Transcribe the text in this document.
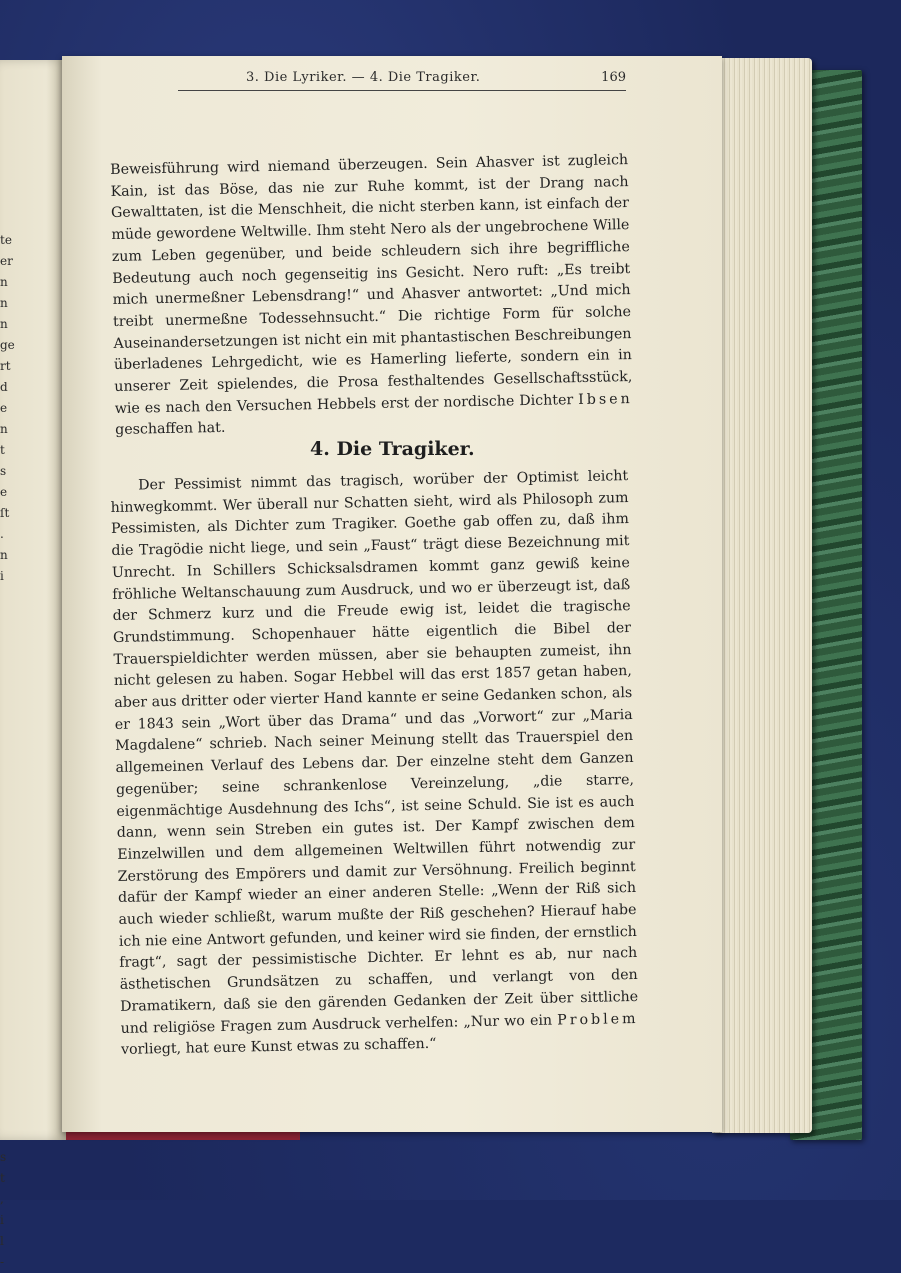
te
er
n
n
n
ge
rt
d
e
n
t
s
e
ſt
.
n
i
s
t
,
i
l
-
3. Die Lyriker. — 4. Die Tragiker.	169

Beweisführung wird niemand überzeugen. Sein Ahasver ist zugleich Kain, ist das Böse, das nie zur Ruhe kommt, ist der Drang nach Gewalttaten, ist die Menschheit, die nicht sterben kann, ist einfach der müde gewordene Weltwille. Ihm steht Nero als der ungebrochene Wille zum Leben gegenüber, und beide schleudern sich ihre begriffliche Bedeutung auch noch gegenseitig ins Gesicht. Nero ruft: „Es treibt mich unermeßner Lebensdrang!“ und Ahasver antwortet: „Und mich treibt unermeßne Todessehnsucht.“ Die richtige Form für solche Auseinandersetzungen ist nicht ein mit phantastischen Beschreibungen überladenes Lehrgedicht, wie es Hamerling lieferte, sondern ein in unserer Zeit spielendes, die Prosa festhaltendes Gesellschaftsstück, wie es nach den Versuchen Hebbels erst der nordische Dichter Ibsen geschaffen hat.

4. Die Tragiker.

Der Pessimist nimmt das tragisch, worüber der Optimist leicht hinwegkommt. Wer überall nur Schatten sieht, wird als Philosoph zum Pessimisten, als Dichter zum Tragiker. Goethe gab offen zu, daß ihm die Tragödie nicht liege, und sein „Faust“ trägt diese Bezeichnung mit Unrecht. In Schillers Schicksalsdramen kommt ganz gewiß keine fröhliche Weltanschauung zum Ausdruck, und wo er überzeugt ist, daß der Schmerz kurz und die Freude ewig ist, leidet die tragische Grundstimmung. Schopenhauer hätte eigentlich die Bibel der Trauerspieldichter werden müssen, aber sie behaupten zumeist, ihn nicht gelesen zu haben. Sogar Hebbel will das erst 1857 getan haben, aber aus dritter oder vierter Hand kannte er seine Gedanken schon, als er 1843 sein „Wort über das Drama“ und das „Vorwort“ zur „Maria Magdalene“ schrieb. Nach seiner Meinung stellt das Trauerspiel den allgemeinen Verlauf des Lebens dar. Der einzelne steht dem Ganzen gegenüber; seine schrankenlose Vereinzelung, „die starre, eigenmächtige Ausdehnung des Ichs“, ist seine Schuld. Sie ist es auch dann, wenn sein Streben ein gutes ist. Der Kampf zwischen dem Einzelwillen und dem allgemeinen Weltwillen führt notwendig zur Zerstörung des Empörers und damit zur Versöhnung. Freilich beginnt dafür der Kampf wieder an einer anderen Stelle: „Wenn der Riß sich auch wieder schließt, warum mußte der Riß geschehen? Hierauf habe ich nie eine Antwort gefunden, und keiner wird sie finden, der ernstlich fragt“, sagt der pessimistische Dichter. Er lehnt es ab, nur nach ästhetischen Grundsätzen zu schaffen, und verlangt von den Dramatikern, daß sie den gärenden Gedanken der Zeit über sittliche und religiöse Fragen zum Ausdruck verhelfen: „Nur wo ein Problem vorliegt, hat eure Kunst etwas zu schaffen.“
